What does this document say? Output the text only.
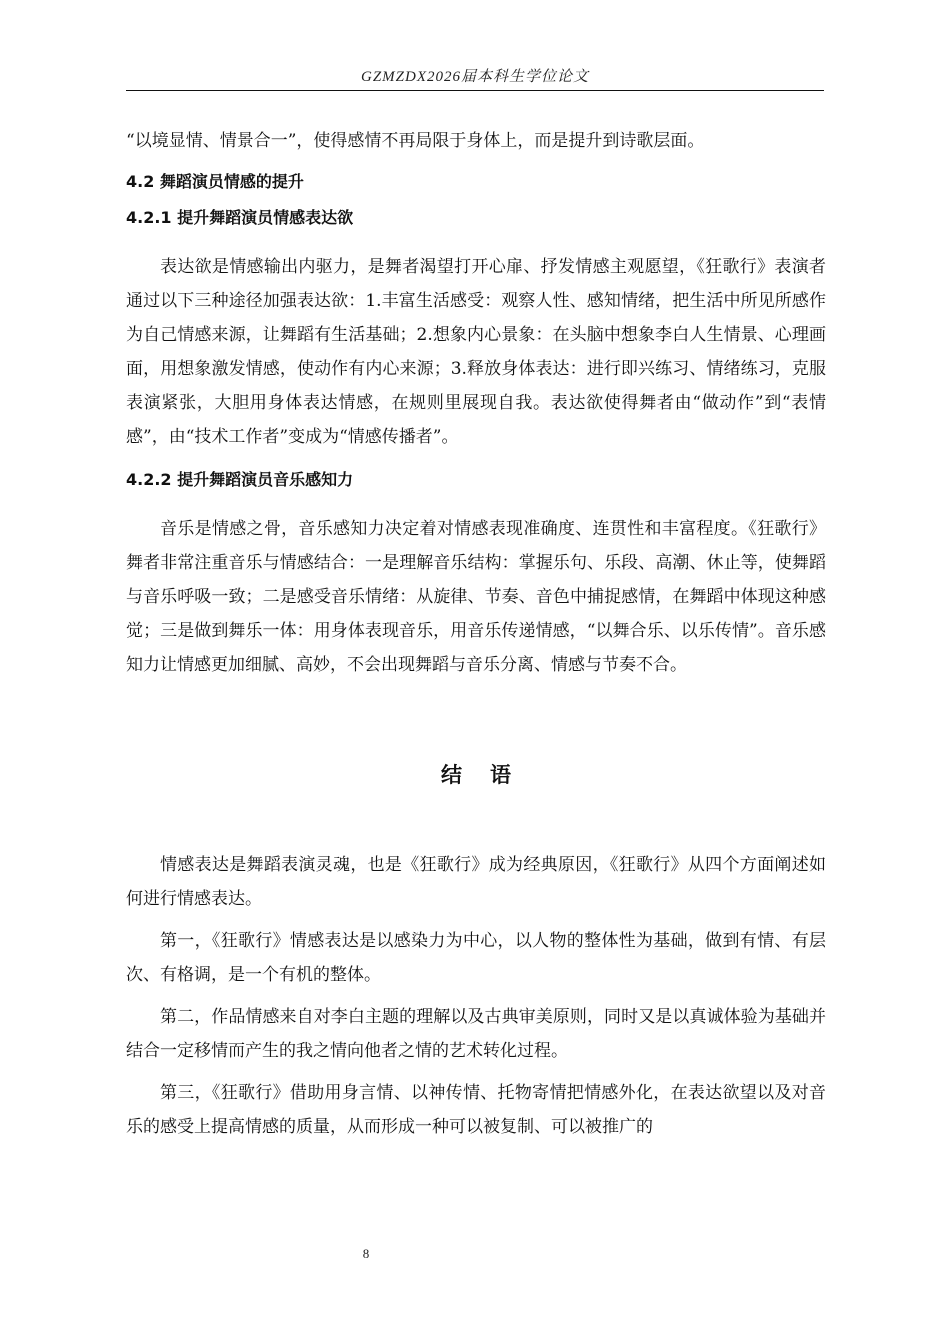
GZMZDX2026届本科生学位论文

“以境显情、情景合一”，使得感情不再局限于身体上，而是提升到诗歌层面。

4.2 舞蹈演员情感的提升
4.2.1 提升舞蹈演员情感表达欲

表达欲是情感输出内驱力，是舞者渴望打开心扉、抒发情感主观愿望，《狂歌行》表演者通过以下三种途径加强表达欲：1.丰富生活感受：观察人性、感知情绪，把生活中所见所感作为自己情感来源，让舞蹈有生活基础；2.想象内心景象：在头脑中想象李白人生情景、心理画面，用想象激发情感，使动作有内心来源；3.释放身体表达：进行即兴练习、情绪练习，克服表演紧张，大胆用身体表达情感，在规则里展现自我。表达欲使得舞者由“做动作”到“表情感”，由“技术工作者”变成为“情感传播者”。

4.2.2 提升舞蹈演员音乐感知力

音乐是情感之骨，音乐感知力决定着对情感表现准确度、连贯性和丰富程度。《狂歌行》舞者非常注重音乐与情感结合：一是理解音乐结构：掌握乐句、乐段、高潮、休止等，使舞蹈与音乐呼吸一致；二是感受音乐情绪：从旋律、节奏、音色中捕捉感情，在舞蹈中体现这种感觉；三是做到舞乐一体：用身体表现音乐，用音乐传递情感，“以舞合乐、以乐传情”。音乐感知力让情感更加细腻、高妙，不会出现舞蹈与音乐分离、情感与节奏不合。

结语

情感表达是舞蹈表演灵魂，也是《狂歌行》成为经典原因，《狂歌行》从四个方面阐述如何进行情感表达。

第一，《狂歌行》情感表达是以感染力为中心，以人物的整体性为基础，做到有情、有层次、有格调，是一个有机的整体。

第二，作品情感来自对李白主题的理解以及古典审美原则，同时又是以真诚体验为基础并结合一定移情而产生的我之情向他者之情的艺术转化过程。

第三，《狂歌行》借助用身言情、以神传情、托物寄情把情感外化，在表达欲望以及对音乐的感受上提高情感的质量，从而形成一种可以被复制、可以被推广的

8
